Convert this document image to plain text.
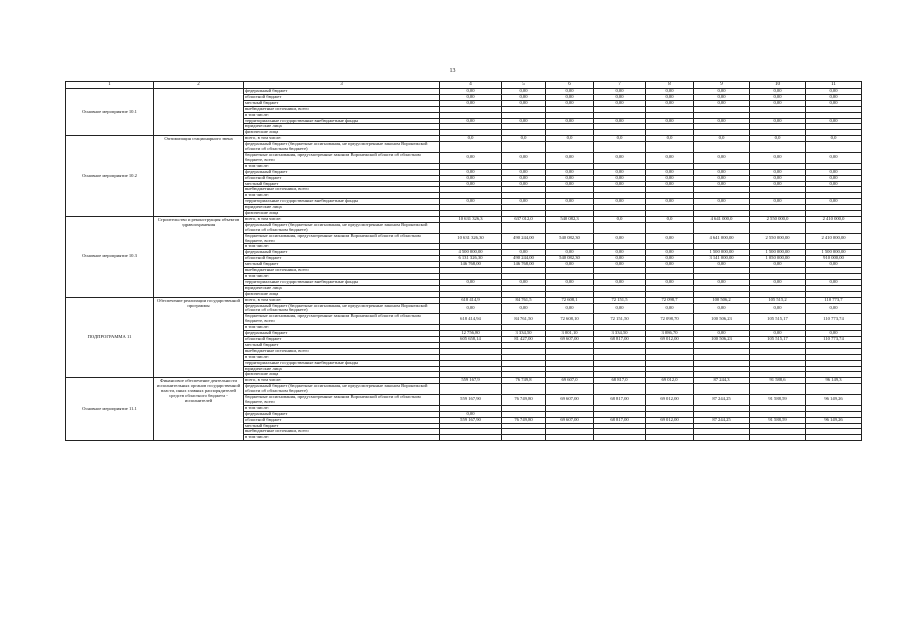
13
1	2	3	4	5	6	7	8	9	10	11
Основное мероприятие 10.1		федеральный бюджет	0,00	0,00	0,00	0,00	0,00	0,00	0,00	0,00
		областной бюджет	0,00	0,00	0,00	0,00	0,00	0,00	0,00	0,00
		местный бюджет	0,00	0,00	0,00	0,00	0,00	0,00	0,00	0,00
		внебюджетные источники, всего								
		в том числе:								
		территориальные государственные внебюджетные фонды	0,00	0,00	0,00	0,00	0,00	0,00	0,00	0,00
		юридические лица								
		физические лица								
Основное мероприятие 10.2	Оптимизация стационарного звена	всего, в том числе:	0,0	0,0	0,0	0,0	0,0	0,0	0,0	0,0
		федеральный бюджет (бюджетные ассигнования, не предусмотренные законом Воронежской области об областном бюджете)								
		бюджетные ассигнования, предусмотренные законом Воронежской области об областном бюджете, всего	0,00	0,00	0,00	0,00	0,00	0,00	0,00	0,00
		в том числе:								
		федеральный бюджет	0,00	0,00	0,00	0,00	0,00	0,00	0,00	0,00
		областной бюджет	0,00	0,00	0,00	0,00	0,00	0,00	0,00	0,00
		местный бюджет	0,00	0,00	0,00	0,00	0,00	0,00	0,00	0,00
		внебюджетные источники, всего								
		в том числе:								
		территориальные государственные внебюджетные фонды	0,00	0,00	0,00	0,00	0,00	0,00	0,00	0,00
		юридические лица								
		физические лица								
Основное мероприятие 10.3	Строительство и реконструкция объектов здравоохранения	всего, в том числе:	10 631 326,3	637 012,0	540 082,3	0,0	0,0	4 641 000,0	2 550 000,0	2 410 000,0
		федеральный бюджет (бюджетные ассигнования, не предусмотренные законом Воронежской области об областном бюджете)								
		бюджетные ассигнования, предусмотренные законом Воронежской области об областном бюджете, всего	10 631 326,30	490 244,00	540 082,30	0,00	0,00	4 641 000,00	2 550 000,00	2 410 000,00
		в том числе:								
		федеральный бюджет	4 500 000,00	0,00	0,00	0,00	0,00	1 500 000,00	1 500 000,00	1 500 000,00
		областной бюджет	6 131 326,30	490 244,00	540 082,30	0,00	0,00	3 141 000,00	1 050 000,00	910 000,00
		местный бюджет	146 768,00	146 768,00	0,00	0,00	0,00	0,00	0,00	0,00
		внебюджетные источники, всего								
		в том числе:								
		территориальные государственные внебюджетные фонды	0,00	0,00	0,00	0,00	0,00	0,00	0,00	0,00
		юридические лица								
		физические лица								
ПОДПРОГРАММА 11	Обеспечение реализации государственной программы	всего, в том числе:	618 414,9	84 761,5	72 608,1	72 151,5	72 098,7	100 506,2	105 515,2	110 773,7
		федеральный бюджет (бюджетные ассигнования, не предусмотренные законом Воронежской области об областном бюджете)	0,00	0,00	0,00	0,00	0,00	0,00	0,00	0,00
		бюджетные ассигнования, предусмотренные законом Воронежской области об областном бюджете, всего	618 414,94	84 761,50	72 608,10	72 151,50	72 098,70	100 506,23	105 515,17	110 773,74
		в том числе:								
		федеральный бюджет	12 756,80	3 334,50	3 001,10	3 334,50	3 086,70	0,00	0,00	0,00
		областной бюджет	605 658,14	81 427,00	69 607,00	68 817,00	69 012,00	100 506,23	105 515,17	110 773,74
		местный бюджет								
		внебюджетные источники, всего								
		в том числе:								
		территориальные государственные внебюджетные фонды								
		юридические лица								
		физические лица								
Основное мероприятие 11.1	Финансовое обеспечение деятельности исполнительных органов государственной власти, иных главных распорядителей средств областного бюджета - исполнителей	всего, в том числе:	559 167,9	76 749,8	69 607,0	68 817,0	69 012,0	87 244,3	91 588,6	96 149,3
		федеральный бюджет (бюджетные ассигнования, не предусмотренные законом Воронежской области об областном бюджете)								
		бюджетные ассигнования, предусмотренные законом Воронежской области об областном бюджете, всего	559 167,90	76 749,80	69 607,00	68 817,00	69 012,00	87 244,25	91 588,59	96 149,26
		в том числе:								
		федеральный бюджет	0,00							
		областной бюджет	559 167,90	76 749,80	69 607,00	68 817,00	69 012,00	87 244,25	91 588,59	96 149,26
		местный бюджет								
		внебюджетные источники, всего								
		в том числе:								
